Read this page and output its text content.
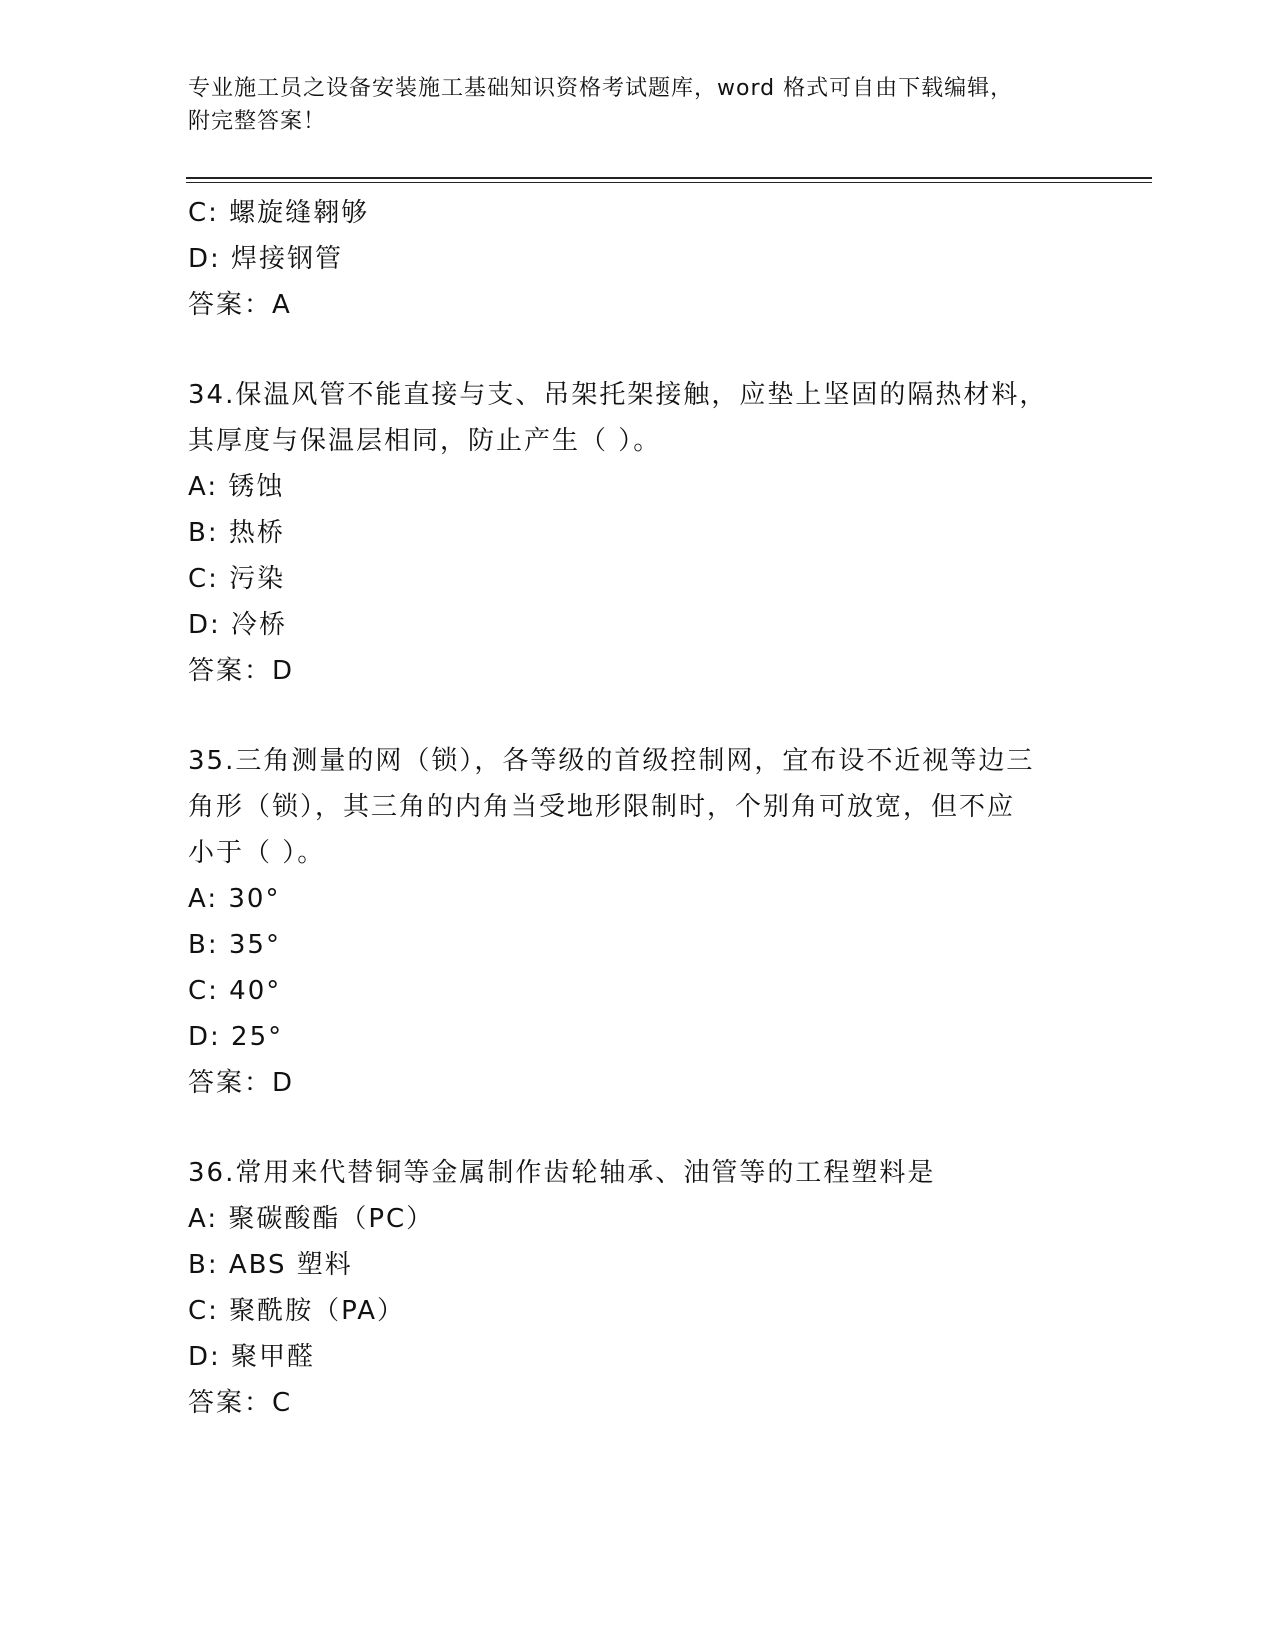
专业施工员之设备安装施工基础知识资格考试题库，word 格式可自由下载编辑，
附完整答案！
C: 螺旋缝翱够
D: 焊接钢管
答案：A
34.保温风管不能直接与支、吊架托架接触，应垫上坚固的隔热材料，
其厚度与保温层相同，防止产生（ ）。
A: 锈蚀
B: 热桥
C: 污染
D: 冷桥
答案：D
35.三角测量的网（锁），各等级的首级控制网，宜布设不近视等边三
角形（锁），其三角的内角当受地形限制时，个别角可放宽，但不应
小于（ ）。
A: 30°
B: 35°
C: 40°
D: 25°
答案：D
36.常用来代替铜等金属制作齿轮轴承、油管等的工程塑料是
A: 聚碳酸酯（PC）
B: ABS 塑料
C: 聚酰胺（PA）
D: 聚甲醛
答案：C
